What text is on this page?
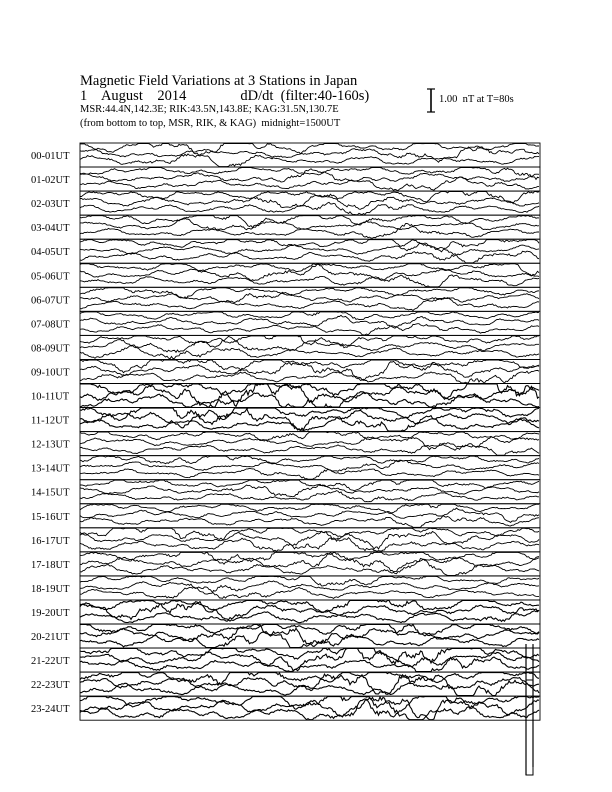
Magnetic Field Variations at 3 Stations in Japan
1    August    2014	dD/dt  (filter:40-160s)
MSR:44.4N,142.3E; RIK:43.5N,143.8E; KAG:31.5N,130.7E
(from bottom to top, MSR, RIK, & KAG) midnight=1500UT
1.00  nT at T=80s
00-01UT
01-02UT
02-03UT
03-04UT
04-05UT
05-06UT
06-07UT
07-08UT
08-09UT
09-10UT
10-11UT
11-12UT
12-13UT
13-14UT
14-15UT
15-16UT
16-17UT
17-18UT
18-19UT
19-20UT
20-21UT
21-22UT
22-23UT
23-24UT
